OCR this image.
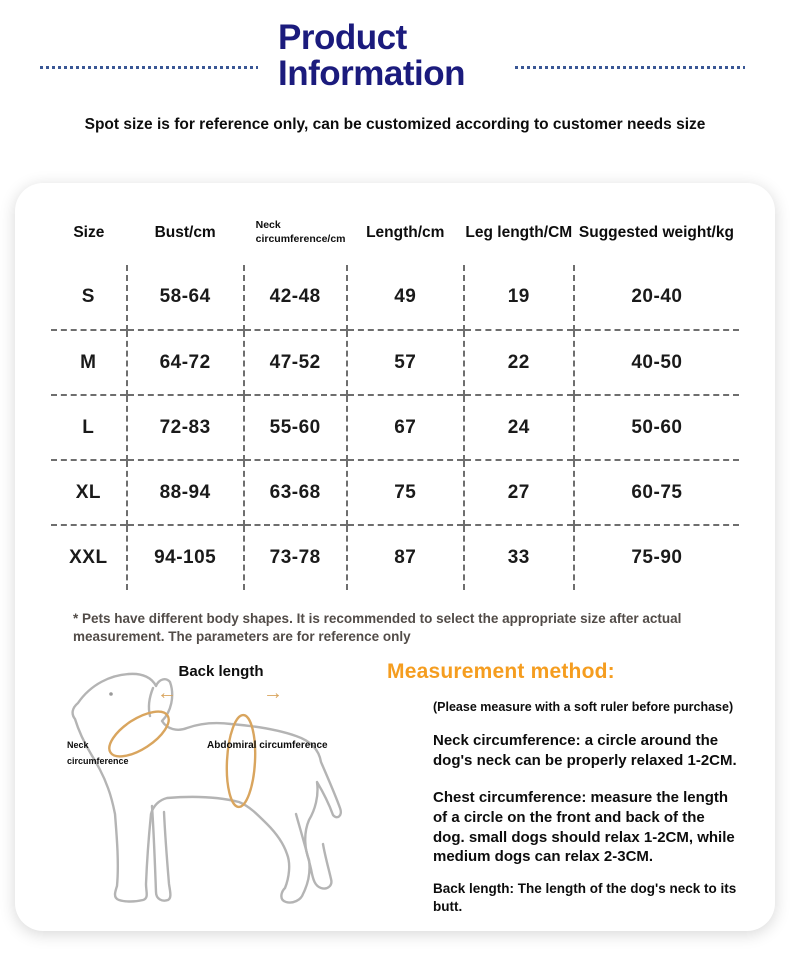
Product
Information
Spot size is for reference only, can be customized according to customer needs size
Size	Bust/cm	Neck circumference/cm	Length/cm	Leg length/CM	Suggested weight/kg
S	58-64	42-48	49	19	20-40
M	64-72	47-52	57	22	40-50
L	72-83	55-60	67	24	50-60
XL	88-94	63-68	75	27	60-75
XXL	94-105	73-78	87	33	75-90
* Pets have different body shapes. It is recommended to select the appropriate size after actual measurement. The parameters are for reference only
Back length
←	→
Neck circumference
Abdomiral circumference
Measurement method:
(Please measure with a soft ruler before purchase)
Neck circumference: a circle around the dog's neck can be properly relaxed 1-2CM.
Chest circumference: measure the length of a circle on the front and back of the dog. small dogs should relax 1-2CM, while medium dogs can relax 2-3CM.
Back length: The length of the dog's neck to its butt.
